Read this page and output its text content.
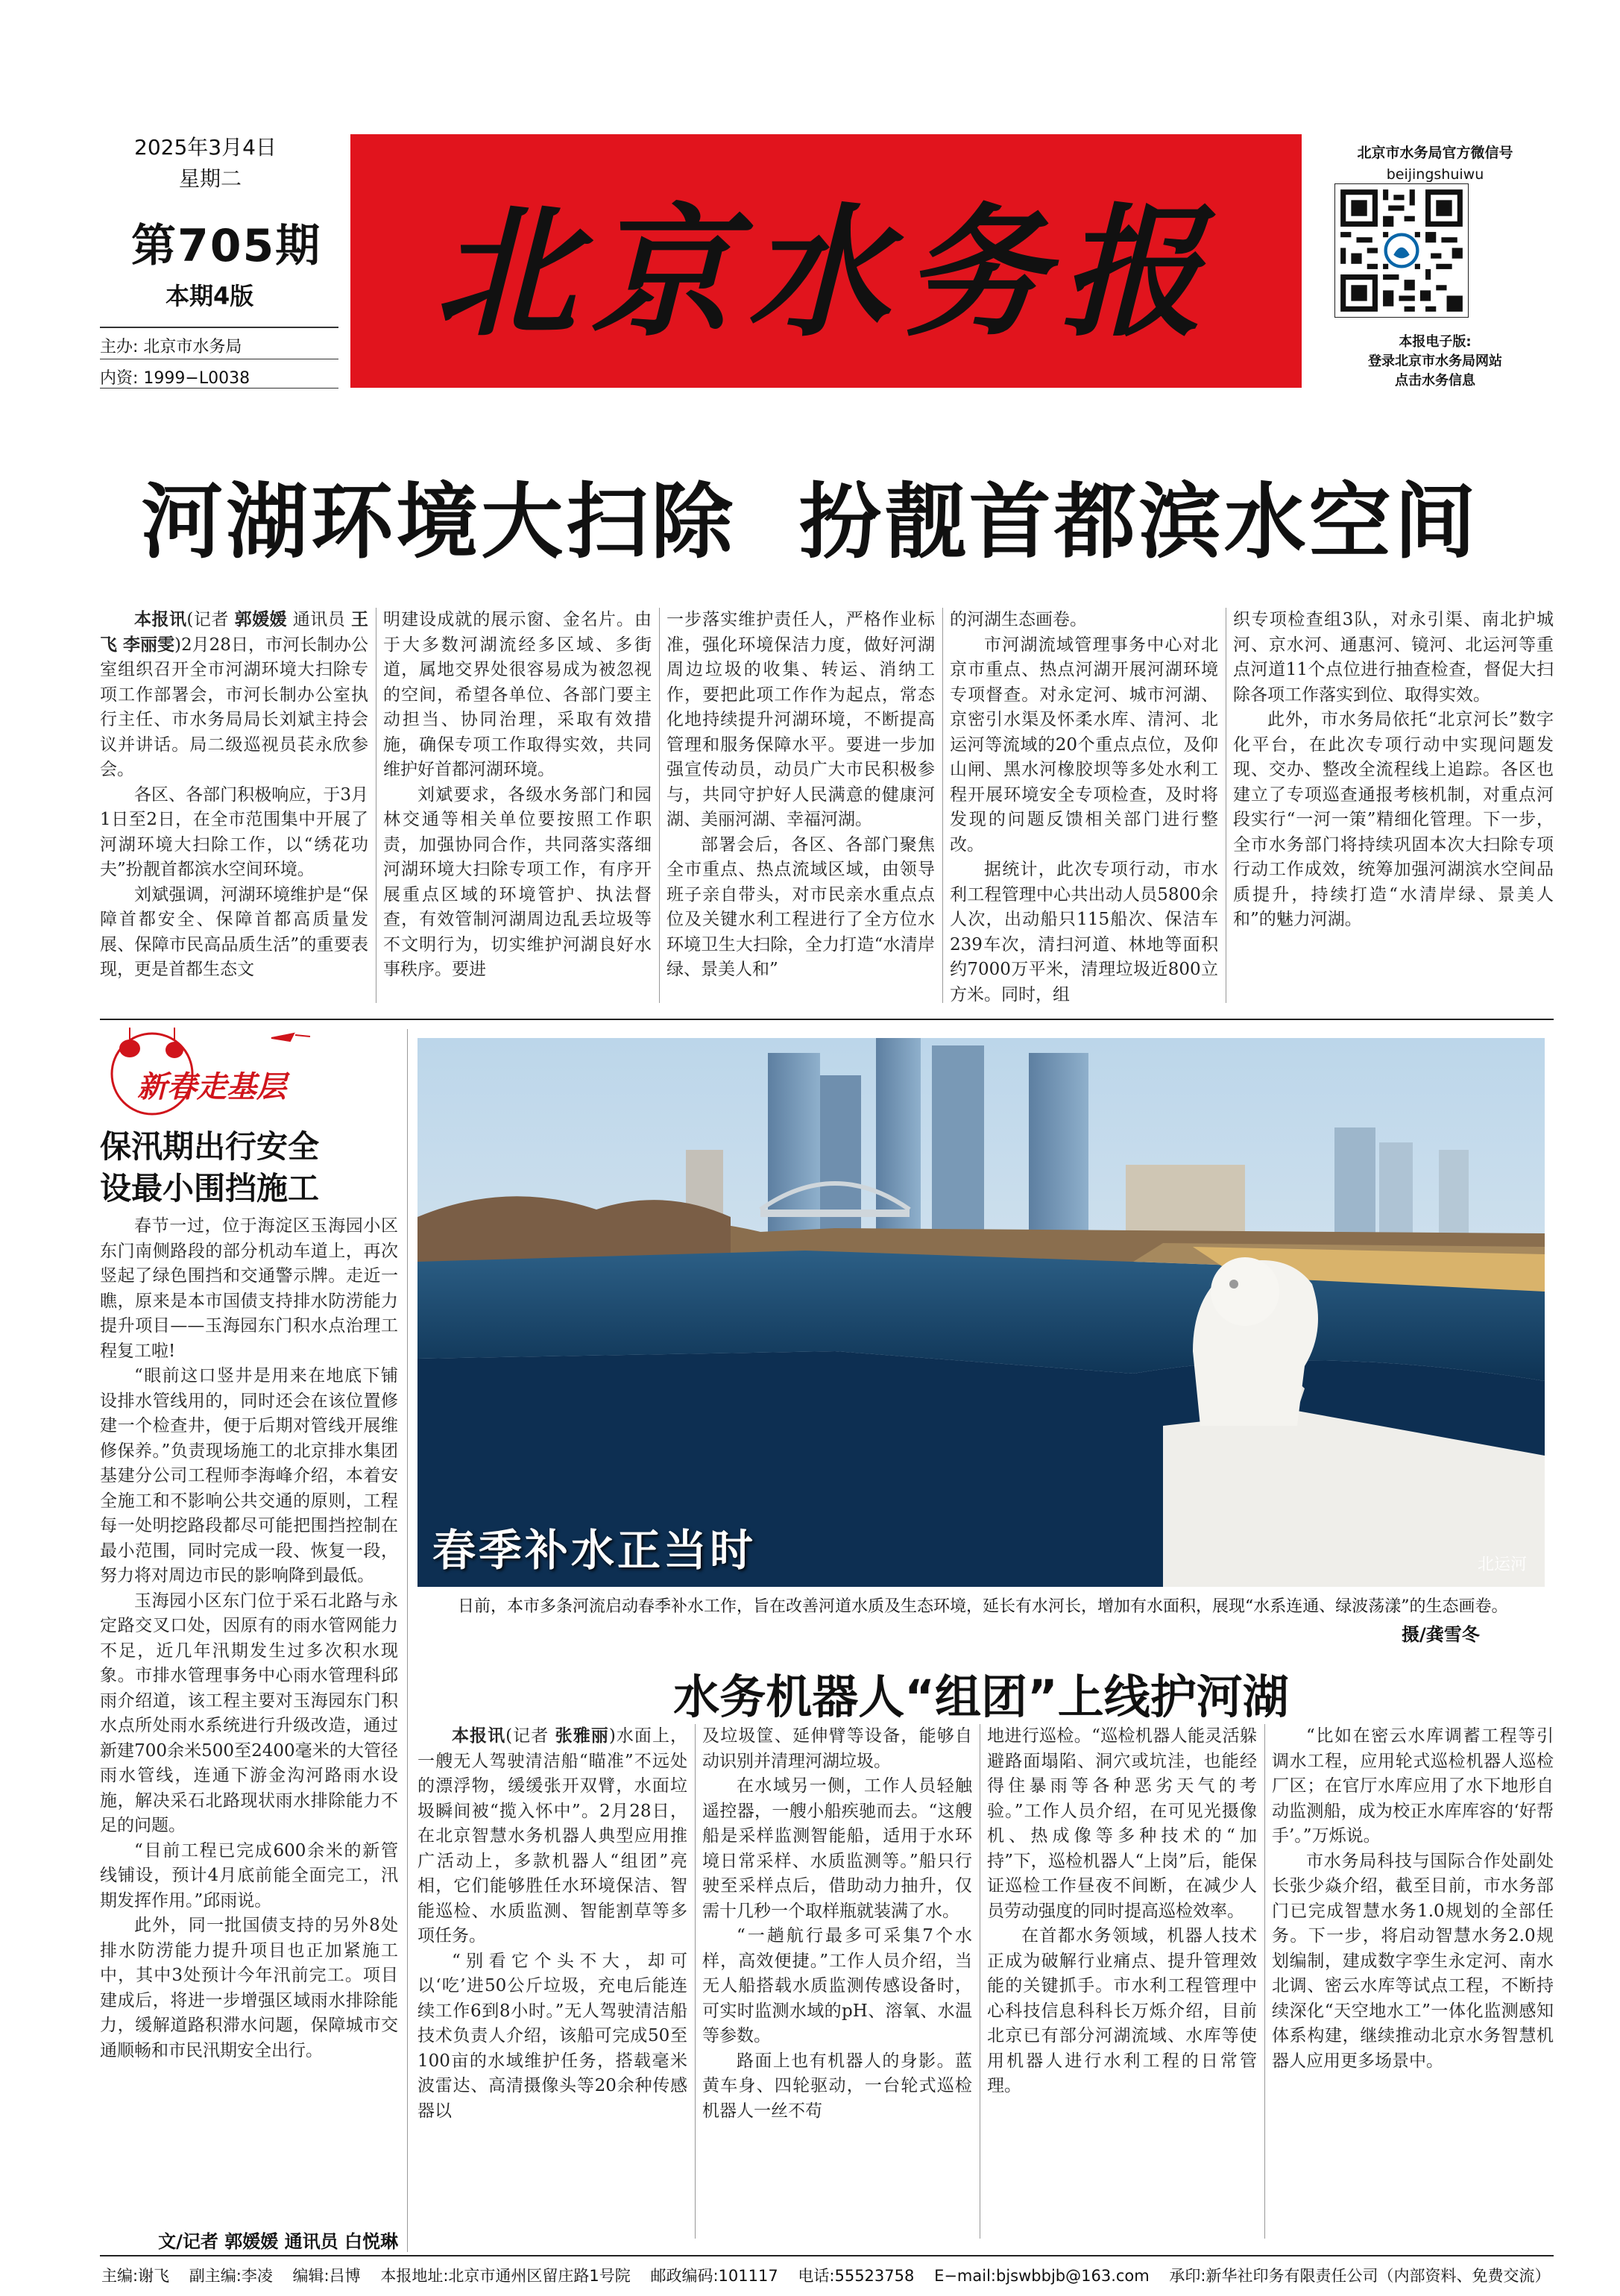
2025年3月4日
星期二
第705期
本期4版
主办: 北京市水务局
内资: 1999−L0038
北京水务报
北京市水务局官方微信号
beijingshuiwu
本报电子版:
登录北京市水务局网站
点击水务信息
河湖环境大扫除  扮靓首都滨水空间

本报讯(记者 郭媛媛 通讯员 王飞 李丽雯)2月28日，市河长制办公室组织召开全市河湖环境大扫除专项工作部署会，市河长制办公室执行主任、市水务局局长刘斌主持会议并讲话。局二级巡视员苌永欣参会。

各区、各部门积极响应，于3月1日至2日，在全市范围集中开展了河湖环境大扫除工作，以“绣花功夫”扮靓首都滨水空间环境。

刘斌强调，河湖环境维护是“保障首都安全、保障首都高质量发展、保障市民高品质生活”的重要表现，更是首都生态文

明建设成就的展示窗、金名片。由于大多数河湖流经多区域、多街道，属地交界处很容易成为被忽视的空间，希望各单位、各部门要主动担当、协同治理，采取有效措施，确保专项工作取得实效，共同维护好首都河湖环境。

刘斌要求，各级水务部门和园林交通等相关单位要按照工作职责，加强协同合作，共同落实落细河湖环境大扫除专项工作，有序开展重点区域的环境管护、执法督查，有效管制河湖周边乱丢垃圾等不文明行为，切实维护河湖良好水事秩序。要进

一步落实维护责任人，严格作业标准，强化环境保洁力度，做好河湖周边垃圾的收集、转运、消纳工作，要把此项工作作为起点，常态化地持续提升河湖环境，不断提高管理和服务保障水平。要进一步加强宣传动员，动员广大市民积极参与，共同守护好人民满意的健康河湖、美丽河湖、幸福河湖。

部署会后，各区、各部门聚焦全市重点、热点流域区域，由领导班子亲自带头，对市民亲水重点点位及关键水利工程进行了全方位水环境卫生大扫除，全力打造“水清岸绿、景美人和”

的河湖生态画卷。

市河湖流域管理事务中心对北京市重点、热点河湖开展河湖环境专项督查。对永定河、城市河湖、京密引水渠及怀柔水库、清河、北运河等流域的20个重点点位，及仰山闸、黑水河橡胶坝等多处水利工程开展环境安全专项检查，及时将发现的问题反馈相关部门进行整改。

据统计，此次专项行动，市水利工程管理中心共出动人员5800余人次，出动船只115船次、保洁车239车次，清扫河道、林地等面积约7000万平米，清理垃圾近800立方米。同时，组

织专项检查组3队，对永引渠、南北护城河、京水河、通惠河、镜河、北运河等重点河道11个点位进行抽查检查，督促大扫除各项工作落实到位、取得实效。

此外，市水务局依托“北京河长”数字化平台，在此次专项行动中实现问题发现、交办、整改全流程线上追踪。各区也建立了专项巡查通报考核机制，对重点河段实行“一河一策”精细化管理。下一步，全市水务部门将持续巩固本次大扫除专项行动工作成效，统筹加强河湖滨水空间品质提升，持续打造“水清岸绿、景美人和”的魅力河湖。

新春走基层
保汛期出行安全
设最小围挡施工

春节一过，位于海淀区玉海园小区东门南侧路段的部分机动车道上，再次竖起了绿色围挡和交通警示牌。走近一瞧，原来是本市国债支持排水防涝能力提升项目——玉海园东门积水点治理工程复工啦!

“眼前这口竖井是用来在地底下铺设排水管线用的，同时还会在该位置修建一个检查井，便于后期对管线开展维修保养。”负责现场施工的北京排水集团基建分公司工程师李海峰介绍，本着安全施工和不影响公共交通的原则，工程每一处明挖路段都尽可能把围挡控制在最小范围，同时完成一段、恢复一段，努力将对周边市民的影响降到最低。

玉海园小区东门位于采石北路与永定路交叉口处，因原有的雨水管网能力不足，近几年汛期发生过多次积水现象。市排水管理事务中心雨水管理科邱雨介绍道，该工程主要对玉海园东门积水点所处雨水系统进行升级改造，通过新建700余米500至2400毫米的大管径雨水管线，连通下游金沟河路雨水设施，解决采石北路现状雨水排除能力不足的问题。

“目前工程已完成600余米的新管线铺设，预计4月底前能全面完工，汛期发挥作用。”邱雨说。

此外，同一批国债支持的另外8处排水防涝能力提升项目也正加紧施工中，其中3处预计今年汛前完工。项目建成后，将进一步增强区域雨水排除能力，缓解道路积滞水问题，保障城市交通顺畅和市民汛期安全出行。

文/记者 郭媛媛 通讯员 白悦琳
春季补水正当时	北运河
日前，本市多条河流启动春季补水工作，旨在改善河道水质及生态环境，延长有水河长，增加有水面积，展现“水系连通、绿波荡漾”的生态画卷。
摄/龚雪冬
水务机器人“组团”上线护河湖

本报讯(记者 张雅丽)水面上，一艘无人驾驶清洁船“瞄准”不远处的漂浮物，缓缓张开双臂，水面垃圾瞬间被“揽入怀中”。2月28日，在北京智慧水务机器人典型应用推广活动上，多款机器人“组团”亮相，它们能够胜任水环境保洁、智能巡检、水质监测、智能割草等多项任务。

“别看它个头不大，却可以‘吃’进50公斤垃圾，充电后能连续工作6到8小时。”无人驾驶清洁船技术负责人介绍，该船可完成50至100亩的水域维护任务，搭载毫米波雷达、高清摄像头等20余种传感器以

及垃圾筐、延伸臂等设备，能够自动识别并清理河湖垃圾。

在水域另一侧，工作人员轻触遥控器，一艘小船疾驰而去。“这艘船是采样监测智能船，适用于水环境日常采样、水质监测等。”船只行驶至采样点后，借助动力抽升，仅需十几秒一个取样瓶就装满了水。

“一趟航行最多可采集7个水样，高效便捷。”工作人员介绍，当无人船搭载水质监测传感设备时，可实时监测水域的pH、溶氧、水温等参数。

路面上也有机器人的身影。蓝黄车身、四轮驱动，一台轮式巡检机器人一丝不苟

地进行巡检。“巡检机器人能灵活躲避路面塌陷、洞穴或坑洼，也能经得住暴雨等各种恶劣天气的考验。”工作人员介绍，在可见光摄像机、热成像等多种技术的“加持”下，巡检机器人“上岗”后，能保证巡检工作昼夜不间断，在减少人员劳动强度的同时提高巡检效率。

在首都水务领域，机器人技术正成为破解行业痛点、提升管理效能的关键抓手。市水利工程管理中心科技信息科科长万烁介绍，目前北京已有部分河湖流域、水库等使用机器人进行水利工程的日常管理。

“比如在密云水库调蓄工程等引调水工程，应用轮式巡检机器人巡检厂区；在官厅水库应用了水下地形自动监测船，成为校正水库库容的‘好帮手’。”万烁说。

市水务局科技与国际合作处副处长张少焱介绍，截至目前，市水务部门已完成智慧水务1.0规划的全部任务。下一步，将启动智慧水务2.0规划编制，建成数字孪生永定河、南水北调、密云水库等试点工程，不断持续深化“天空地水工”一体化监测感知体系构建，继续推动北京水务智慧机器人应用更多场景中。

主编:谢飞    副主编:李凌    编辑:吕博    本报地址:北京市通州区留庄路1号院    邮政编码:101117    电话:55523758    E−mail:bjswbbjb@163.com    承印:新华社印务有限责任公司（内部资料、免费交流）
